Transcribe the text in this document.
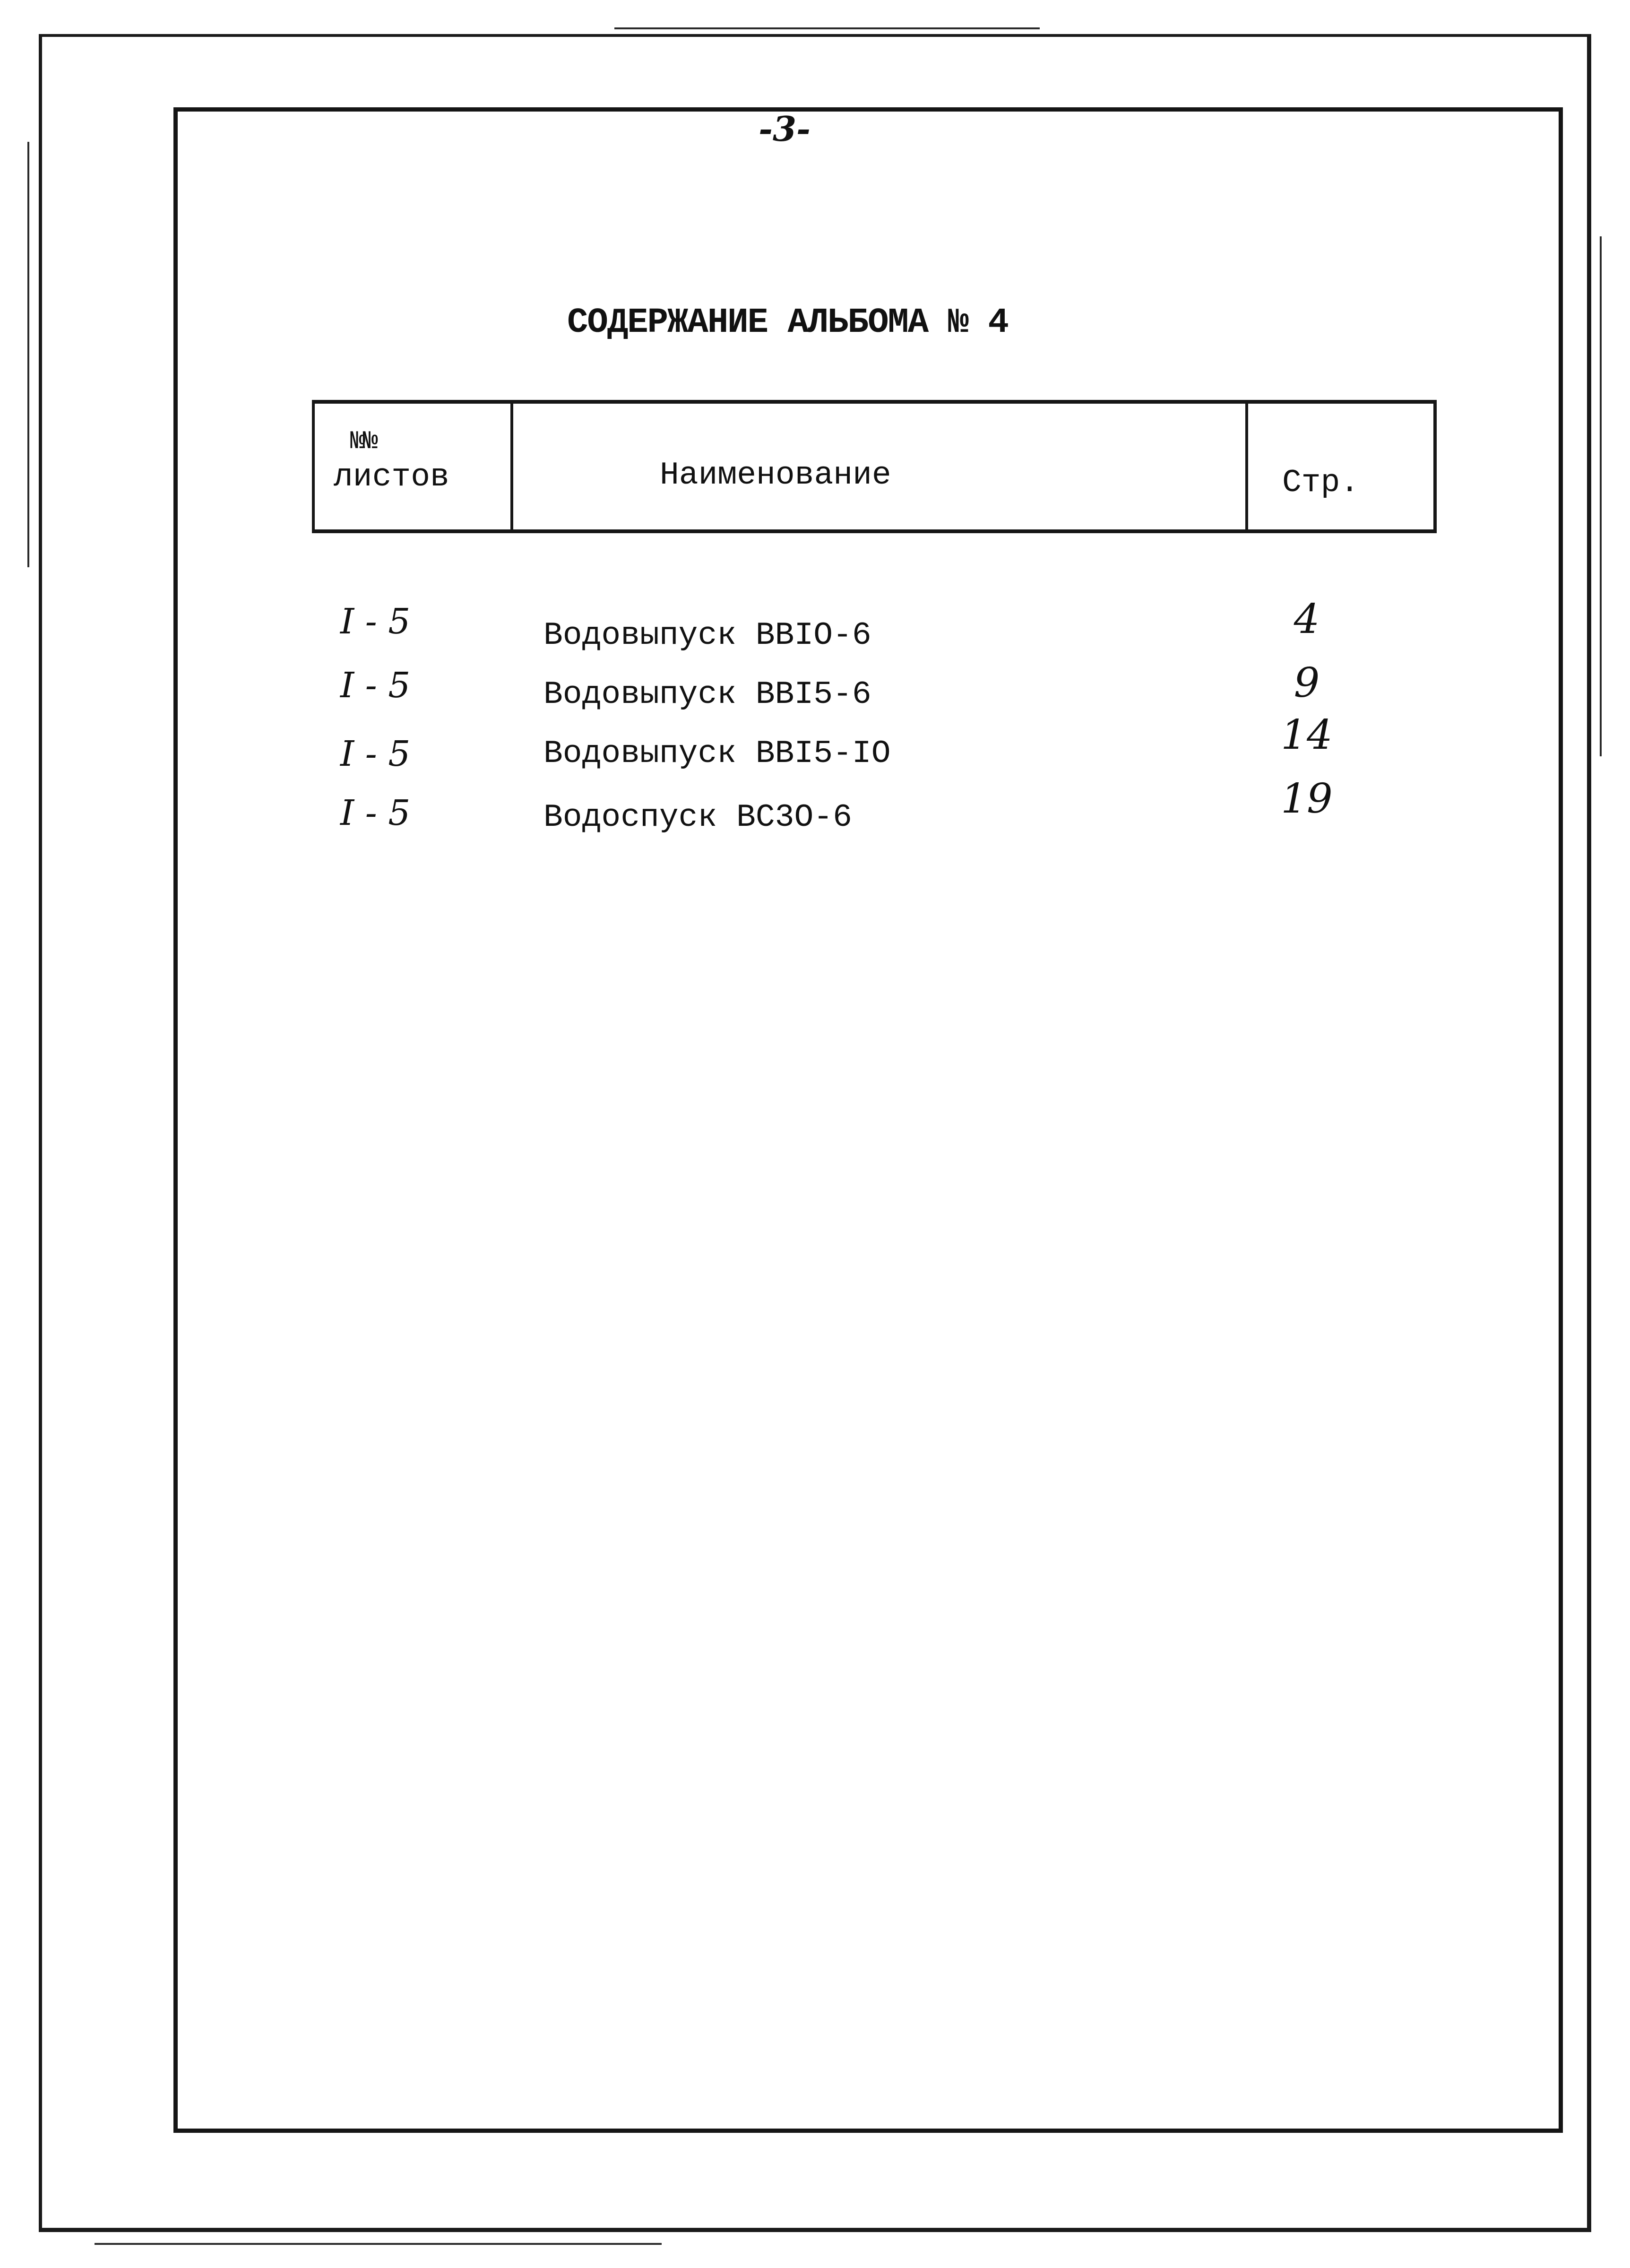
-3-
СОДЕРЖАНИЕ АЛЬБОМА № 4
№№
листов	Наименование	Стр.
I - 5	Водовыпуск ВВIО-6	4
I - 5	Водовыпуск ВВI5-6	9
I - 5	Водовыпуск ВВI5-IО	14
I - 5	Водоспуск ВС3О-6	19
